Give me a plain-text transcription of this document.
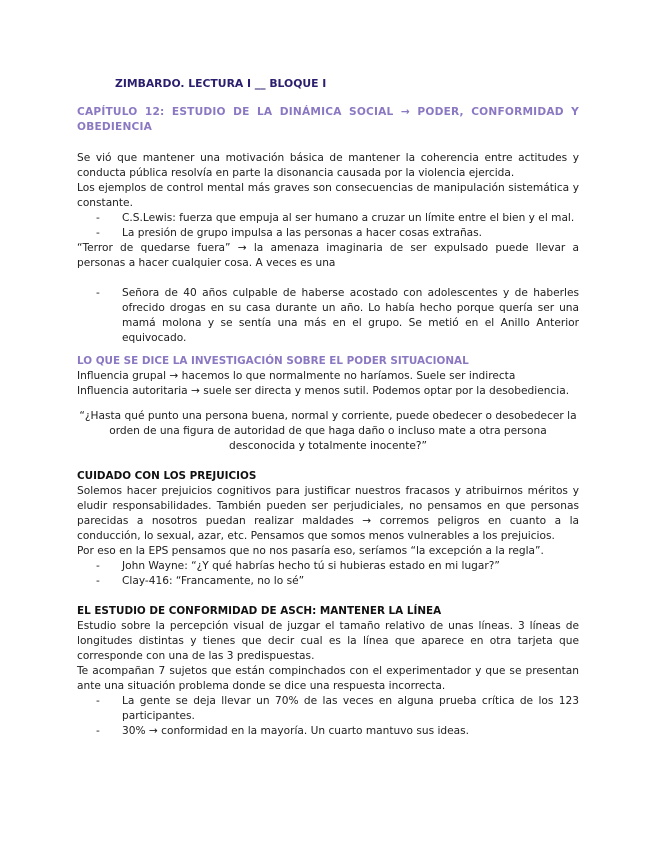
ZIMBARDO. LECTURA I __ BLOQUE I
CAPÍTULO 12: ESTUDIO DE LA DINÁMICA SOCIAL → PODER, CONFORMIDAD Y OBEDIENCIA

Se vió que mantener una motivación básica de mantener la coherencia entre actitudes y conducta pública resolvía en parte la disonancia causada por la violencia ejercida.

Los ejemplos de control mental más graves son consecuencias de manipulación sistemática y constante.

- C.S.Lewis: fuerza que empuja al ser humano a cruzar un límite entre el bien y el mal.
- La presión de grupo impulsa a las personas a hacer cosas extrañas.

“Terror de quedarse fuera” → la amenaza imaginaria de ser expulsado puede llevar a personas a hacer cualquier cosa. A veces es una

- Señora de 40 años culpable de haberse acostado con adolescentes y de haberles ofrecido drogas en su casa durante un año. Lo había hecho porque quería ser una mamá molona y se sentía una más en el grupo. Se metió en el Anillo Anterior equivocado.
LO QUE SE DICE LA INVESTIGACIÓN SOBRE EL PODER SITUACIONAL

Influencia grupal → hacemos lo que normalmente no haríamos. Suele ser indirecta

Influencia autoritaria → suele ser directa y menos sutil. Podemos optar por la desobediencia.

“¿Hasta qué punto una persona buena, normal y corriente, puede obedecer o desobedecer la orden de una figura de autoridad de que haga daño o incluso mate a otra persona desconocida y totalmente inocente?”

CUIDADO CON LOS PREJUICIOS

Solemos hacer prejuicios cognitivos para justificar nuestros fracasos y atribuirnos méritos y eludir responsabilidades. También pueden ser perjudiciales, no pensamos en que personas parecidas a nosotros puedan realizar maldades → corremos peligros en cuanto a la conducción, lo sexual, azar, etc. Pensamos que somos menos vulnerables a los prejuicios.

Por eso en la EPS pensamos que no nos pasaría eso, seríamos “la excepción a la regla”.

- John Wayne: “¿Y qué habrías hecho tú si hubieras estado en mi lugar?”
- Clay-416: “Francamente, no lo sé”
EL ESTUDIO DE CONFORMIDAD DE ASCH: MANTENER LA LÍNEA

Estudio sobre la percepción visual de juzgar el tamaño relativo de unas líneas. 3 líneas de longitudes distintas y tienes que decir cual es la línea que aparece en otra tarjeta que corresponde con una de las 3 predispuestas.

Te acompañan 7 sujetos que están compinchados con el experimentador y que se presentan ante una situación problema donde se dice una respuesta incorrecta.

- La gente se deja llevar un 70% de las veces en alguna prueba crítica de los 123 participantes.
- 30% → conformidad en la mayoría. Un cuarto mantuvo sus ideas.
